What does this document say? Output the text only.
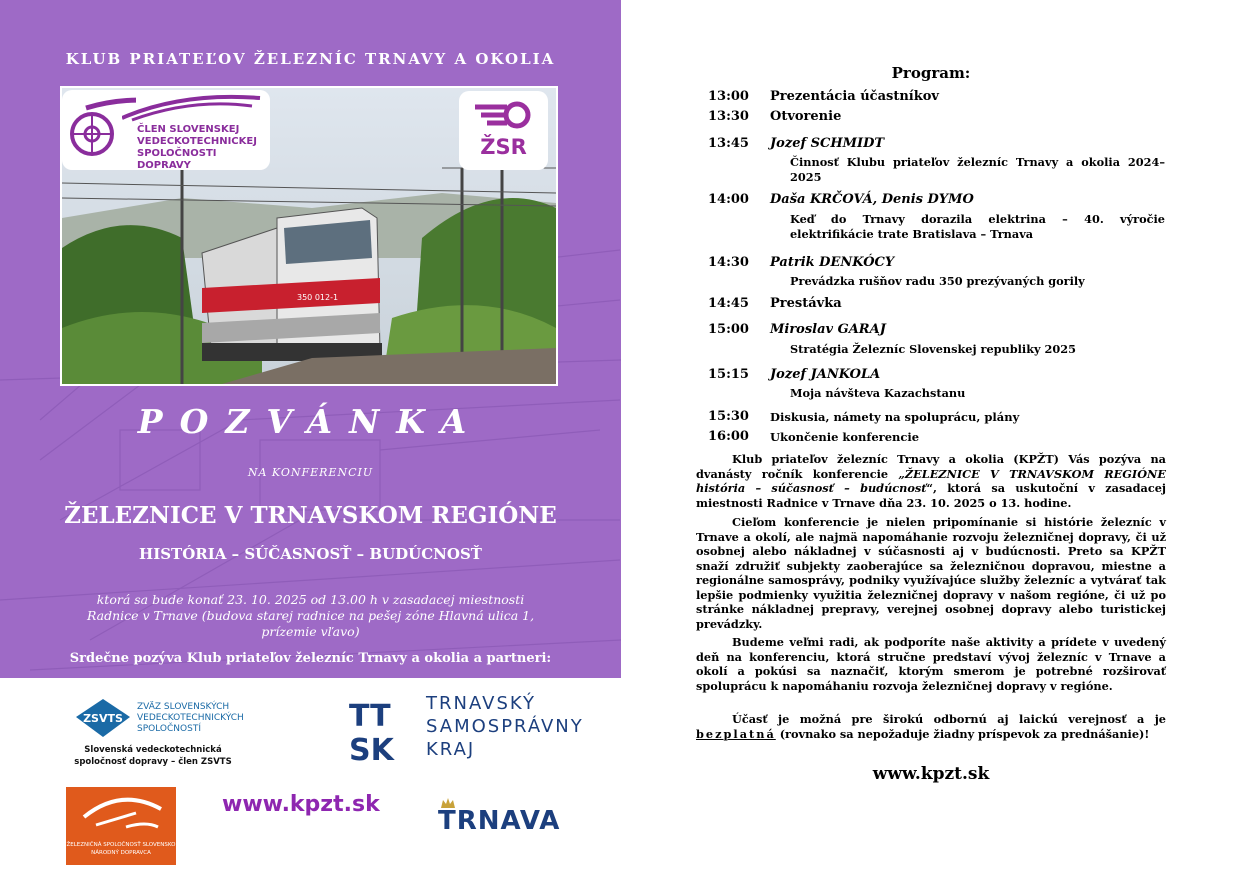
KLUB PRIATEĽOV ŽELEZNÍC TRNAVY A OKOLIA
350 012-1
ČLEN SLOVENSKEJ
VEDECKOTECHNICKEJ
SPOLOČNOSTI DOPRAVY
ŽSR
POZVÁNKA
NA KONFERENCIU
ŽELEZNICE V TRNAVSKOM REGIÓNE
HISTÓRIA – SÚČASNOSŤ – BUDÚCNOSŤ
ktorá sa bude konať 23. 10. 2025 od 13.00 h v zasadacej miestnosti
Radnice v Trnave (budova starej radnice na pešej zóne Hlavná ulica 1,
prízemie vľavo)
Srdečne pozýva Klub priateľov železníc Trnavy a okolia a partneri:
ZSVTS
ZVÄZ SLOVENSKÝCH
VEDECKOTECHNICKÝCH
SPOLOČNOSTÍ
Slovenská vedeckotechnická
spoločnosť dopravy – člen ZSVTS
TT
SK
TRNAVSKÝ
SAMOSPRÁVNY
KRAJ
ŽELEZNIČNÁ SPOLOČNOSŤ SLOVENSKO
NÁRODNÝ DOPRAVCA
www.kpzt.sk
TRNAVA
Program:
13:00 Prezentácia účastníkov
13:30 Otvorenie
13:45 Jozef SCHMIDT
Činnosť Klubu priateľov železníc Trnavy a okolia 2024–2025
14:00 Daša KRČOVÁ, Denis DYMO
Keď do Trnavy dorazila elektrina – 40. výročie elektrifikácie trate Bratislava – Trnava
14:30 Patrik DENKÓCY
Prevádzka rušňov radu 350 prezývaných gorily
14:45 Prestávka
15:00 Miroslav GARAJ
Stratégia Železníc Slovenskej republiky 2025
15:15 Jozef JANKOLA
Moja návšteva Kazachstanu
15:30 Diskusia, námety na spoluprácu, plány
16:00 Ukončenie konferencie
Klub priateľov železníc Trnavy a okolia (KPŽT) Vás pozýva na dvanásty ročník konferencie „ŽELEZNICE V TRNAVSKOM REGIÓNE história – súčasnosť – budúcnosť“, ktorá sa uskutoční v zasadacej miestnosti Radnice v Trnave dňa 23. 10. 2025 o 13. hodine.
Cieľom konferencie je nielen pripomínanie si histórie železníc v Trnave a okolí, ale najmä napomáhanie rozvoju železničnej dopravy, či už osobnej alebo nákladnej v súčasnosti aj v budúcnosti. Preto sa KPŽT snaží združiť subjekty zaoberajúce sa železničnou dopravou, miestne a regionálne samosprávy, podniky využívajúce služby železníc a vytvárať tak lepšie podmienky využitia železničnej dopravy v našom regióne, či už po stránke nákladnej prepravy, verejnej osobnej dopravy alebo turistickej prevádzky.
Budeme veľmi radi, ak podporíte naše aktivity a prídete v uvedený deň na konferenciu, ktorá stručne predstaví vývoj železníc v Trnave a okolí a pokúsi sa naznačiť, ktorým smerom je potrebné rozširovať spoluprácu k napomáhaniu rozvoja železničnej dopravy v regióne.
Účasť je možná pre širokú odbornú aj laickú verejnosť a je bezplatná (rovnako sa nepožaduje žiadny príspevok za prednášanie)!
www.kpzt.sk
